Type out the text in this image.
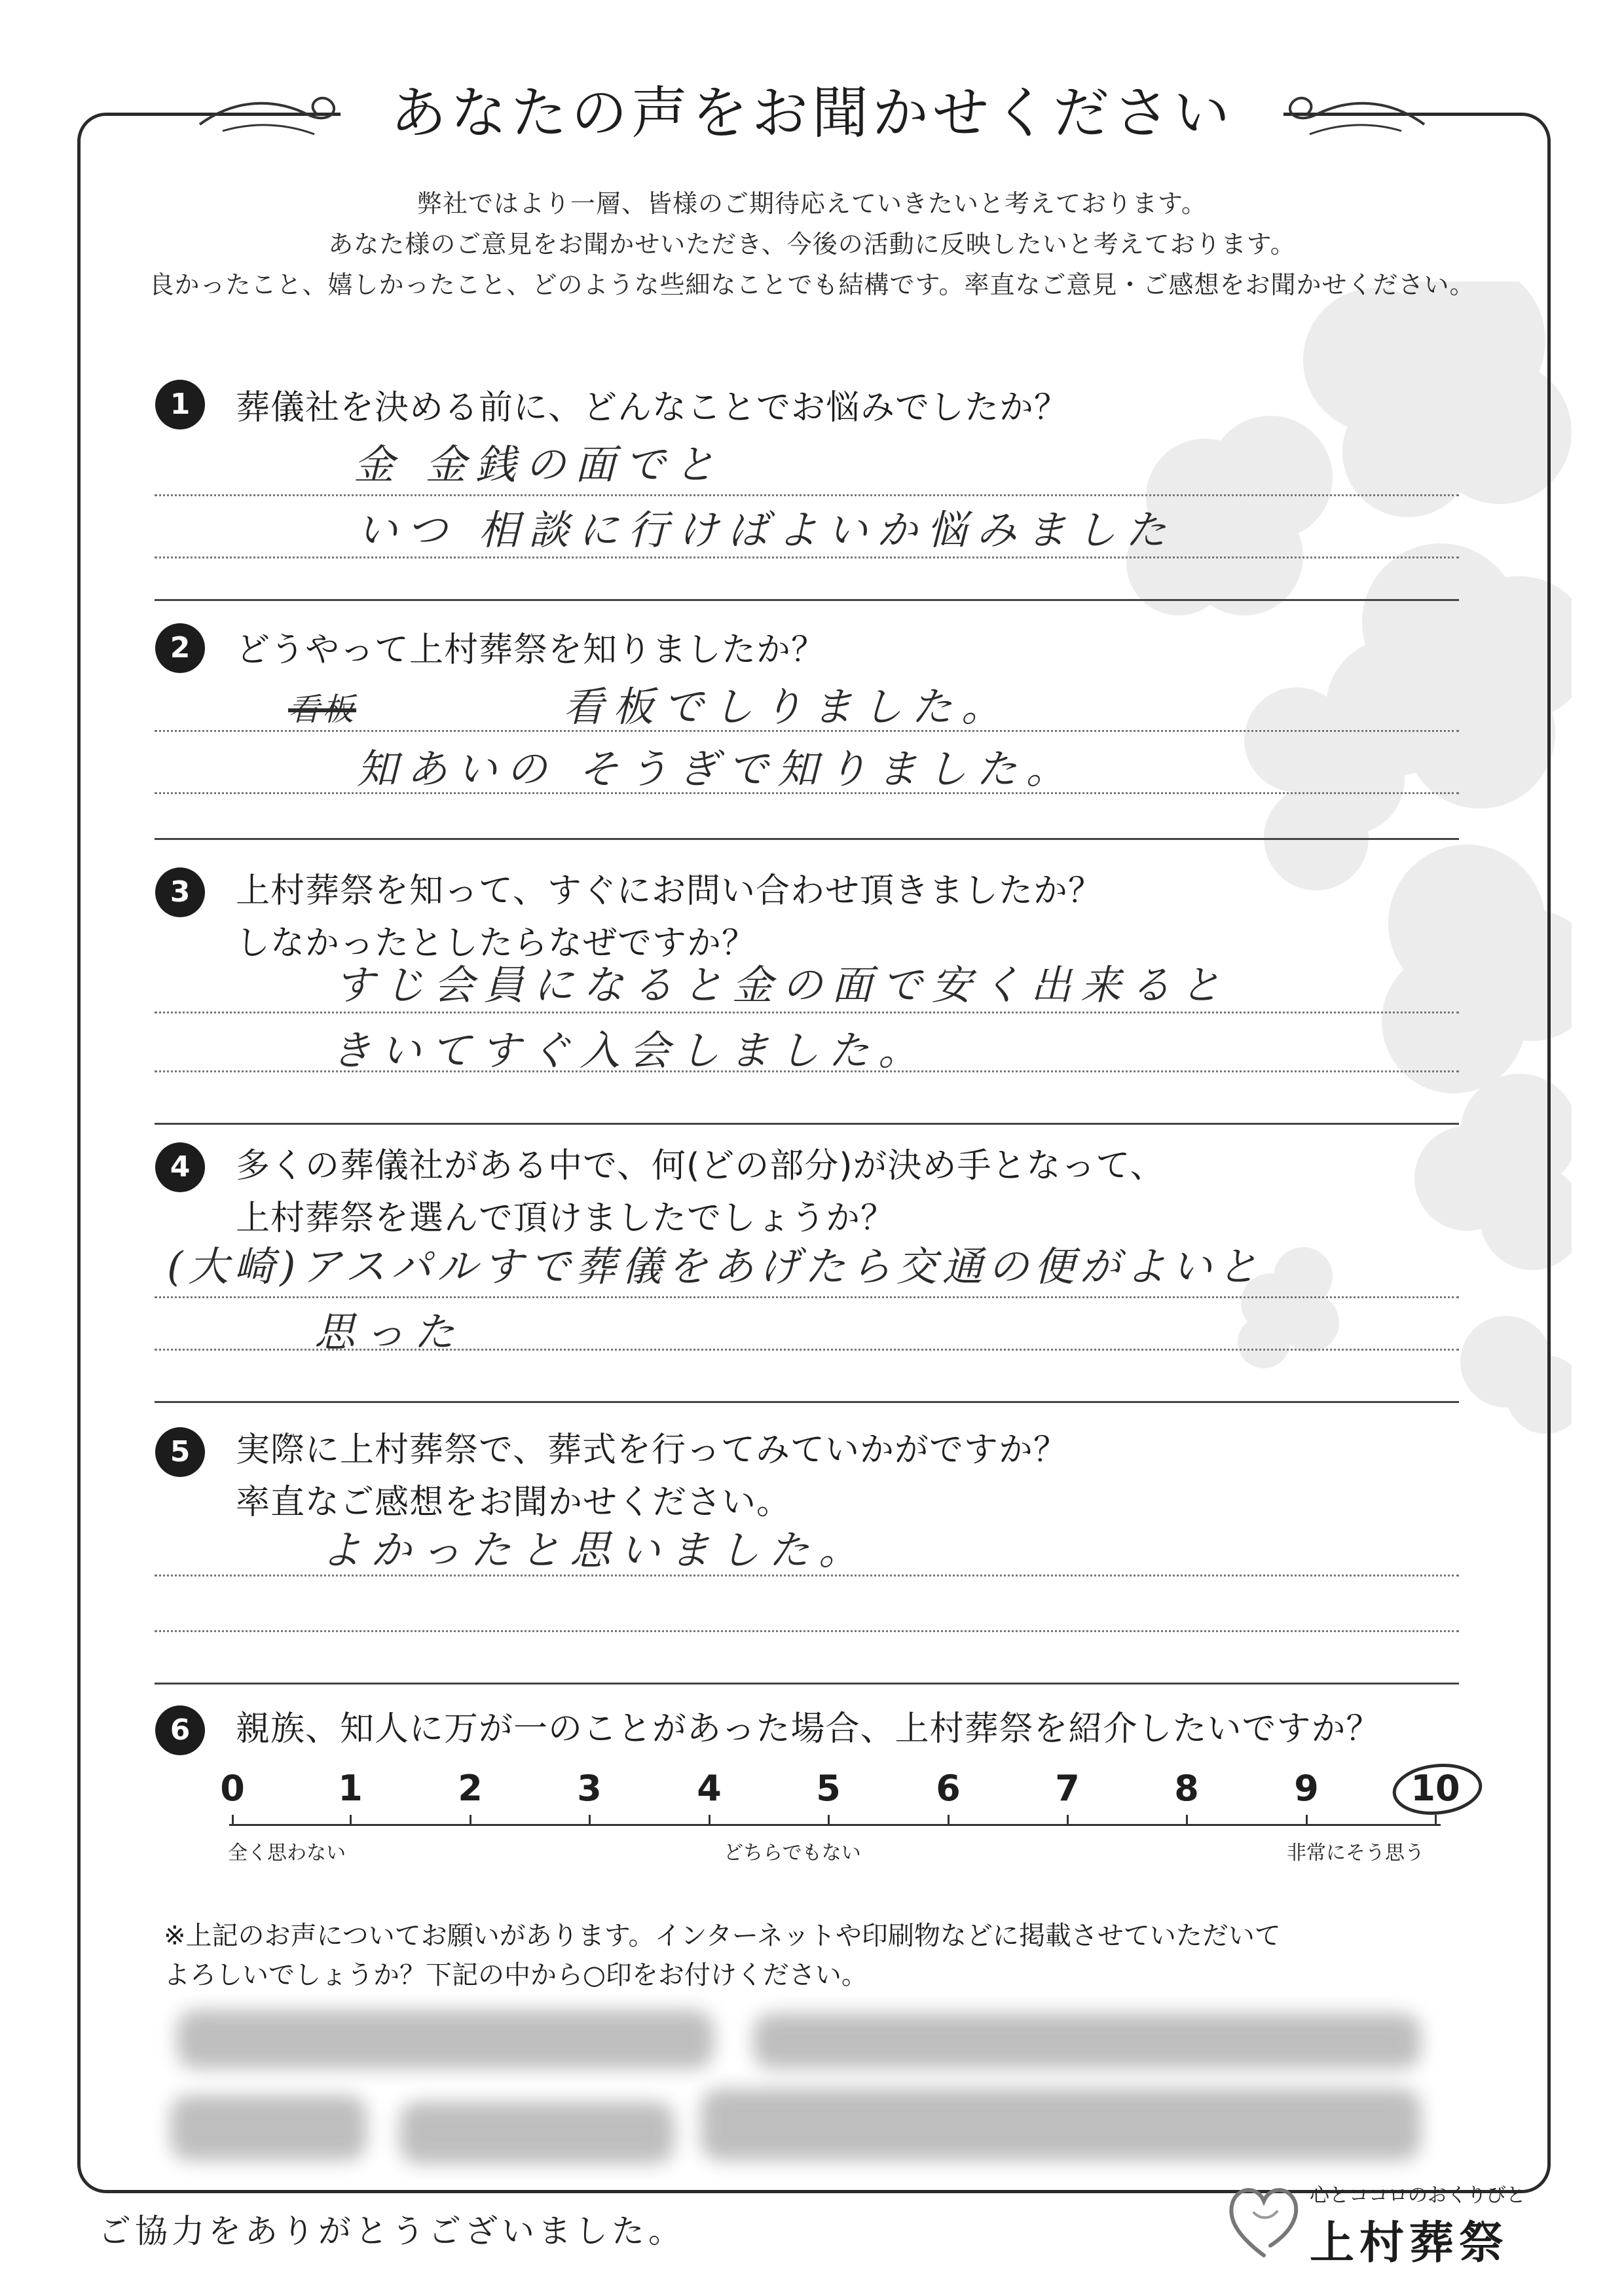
あなたの声をお聞かせください
弊社ではより一層、皆様のご期待応えていきたいと考えております。
あなた様のご意見をお聞かせいただき、今後の活動に反映したいと考えております。
良かったこと、嬉しかったこと、どのような些細なことでも結構です。率直なご意見・ご感想をお聞かせください。
1	葬儀社を決める前に、どんなことでお悩みでしたか？
金 金銭の面でと
いつ 相談に行けばよいか悩みました
2	どうやって上村葬祭を知りましたか？
看板	看板でしりました。
知あいの そうぎで知りました。
3	上村葬祭を知って、すぐにお問い合わせ頂きましたか？
しなかったとしたらなぜですか？
すじ会員になると金の面で安く出来ると
きいてすぐ入会しました。
4	多くの葬儀社がある中で、何(どの部分)が決め手となって、
上村葬祭を選んで頂けましたでしょうか？
(大崎)アスパルすで葬儀をあげたら交通の便がよいと
思った
5	実際に上村葬祭で、葬式を行ってみていかがですか？
率直なご感想をお聞かせください。
よかったと思いました。
6	親族、知人に万が一のことがあった場合、上村葬祭を紹介したいですか？
0	1	2	3	4	5	6	7	8	9	10
全く思わない	どちらでもない	非常にそう思う
※上記のお声についてお願いがあります。インターネットや印刷物などに掲載させていただいて
よろしいでしょうか？下記の中から○印をお付けください。
ご協力をありがとうございました。
心とココロのおくりびと
上村葬祭
